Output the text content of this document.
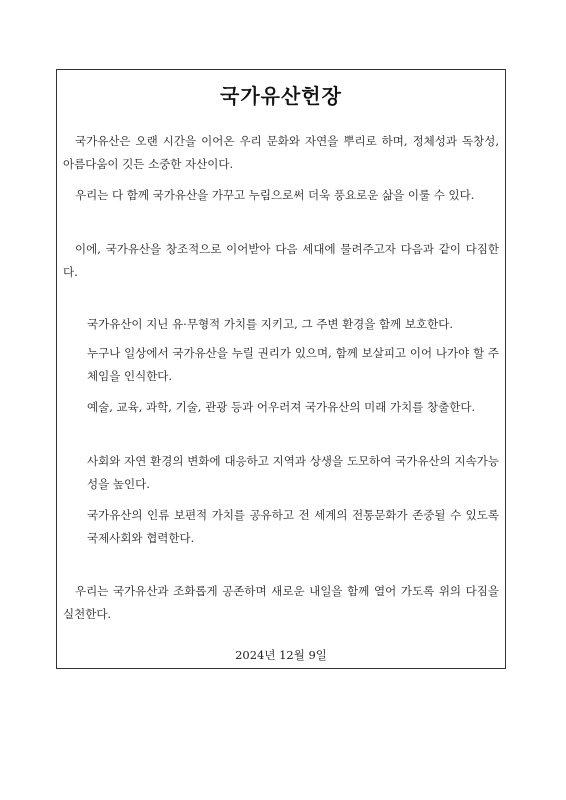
국가유산헌장

국가유산은 오랜 시간을 이어온 우리 문화와 자연을 뿌리로 하며, 정체성과 독창성, 아름다움이 깃든 소중한 자산이다.

우리는 다 함께 국가유산을 가꾸고 누림으로써 더욱 풍요로운 삶을 이룰 수 있다.

이에, 국가유산을 창조적으로 이어받아 다음 세대에 물려주고자 다음과 같이 다짐한다.

국가유산이 지닌 유·무형적 가치를 지키고, 그 주변 환경을 함께 보호한다.

누구나 일상에서 국가유산을 누릴 권리가 있으며, 함께 보살피고 이어 나가야 할 주체임을 인식한다.

예술, 교육, 과학, 기술, 관광 등과 어우러져 국가유산의 미래 가치를 창출한다.

사회와 자연 환경의 변화에 대응하고 지역과 상생을 도모하여 국가유산의 지속가능성을 높인다.

국가유산의 인류 보편적 가치를 공유하고 전 세계의 전통문화가 존중될 수 있도록 국제사회와 협력한다.

우리는 국가유산과 조화롭게 공존하며 새로운 내일을 함께 열어 가도록 위의 다짐을 실천한다.

2024년 12월 9일
